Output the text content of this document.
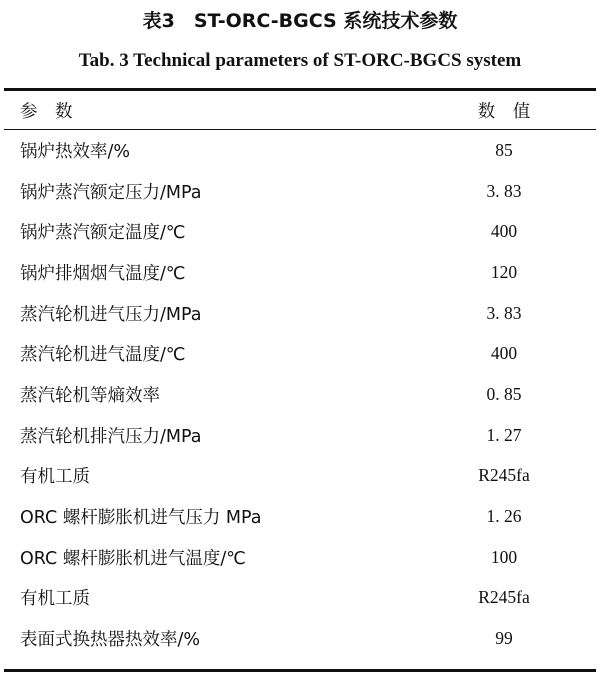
表3　ST-ORC-BGCS 系统技术参数
Tab. 3 Technical parameters of ST-ORC-BGCS system
参　数	数　值
锅炉热效率/%	85
锅炉蒸汽额定压力/MPa	3. 83
锅炉蒸汽额定温度/℃	400
锅炉排烟烟气温度/℃	120
蒸汽轮机进气压力/MPa	3. 83
蒸汽轮机进气温度/℃	400
蒸汽轮机等熵效率	0. 85
蒸汽轮机排汽压力/MPa	1. 27
有机工质	R245fa
ORC 螺杆膨胀机进气压力 MPa	1. 26
ORC 螺杆膨胀机进气温度/℃	100
有机工质	R245fa
表面式换热器热效率/%	99
